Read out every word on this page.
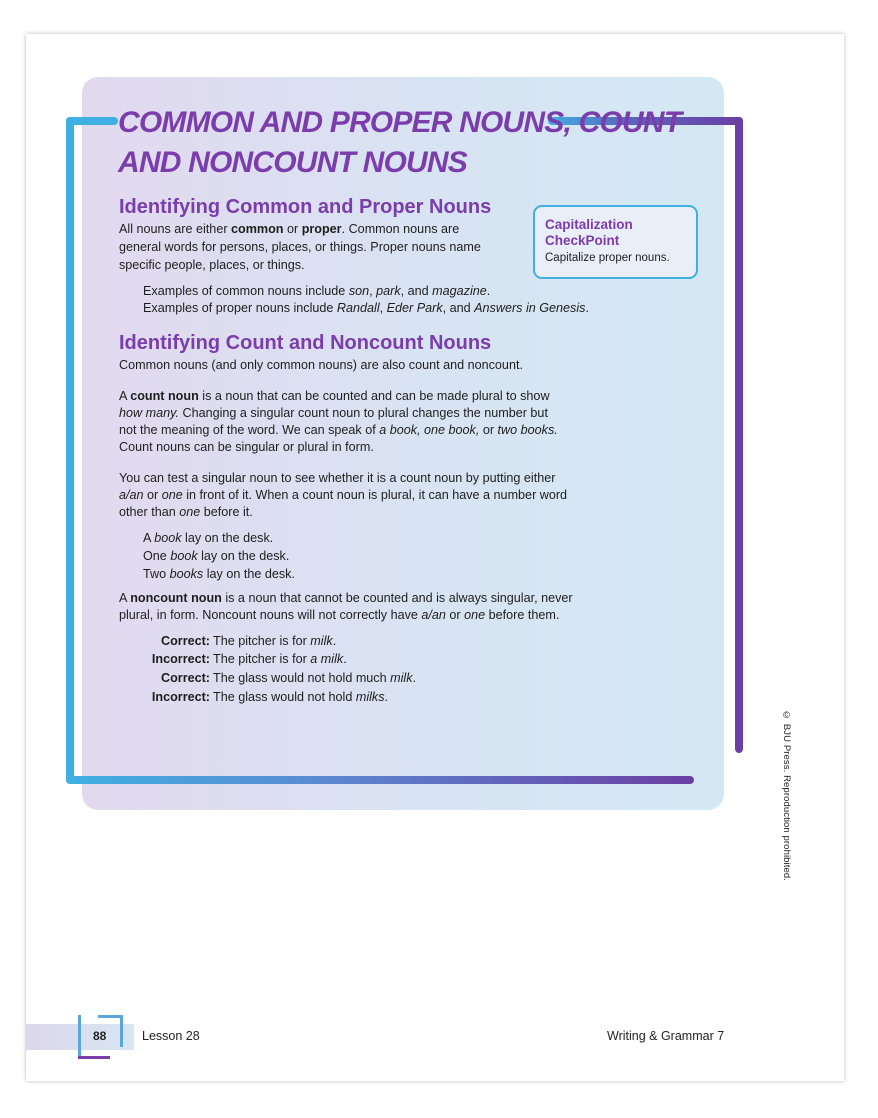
COMMON AND PROPER NOUNS, COUNT
AND NONCOUNT NOUNS
Identifying Common and Proper Nouns

All nouns are either common or proper. Common nouns are

general words for persons, places, or things. Proper nouns name

specific people, places, or things.

Examples of common nouns include son, park, and magazine.

Examples of proper nouns include Randall, Eder Park, and Answers in Genesis.

Capitalization
CheckPoint

Capitalize proper nouns.

Identifying Count and Noncount Nouns

Common nouns (and only common nouns) are also count and noncount.

A count noun is a noun that can be counted and can be made plural to show

how many. Changing a singular count noun to plural changes the number but

not the meaning of the word. We can speak of a book, one book, or two books.

Count nouns can be singular or plural in form.

You can test a singular noun to see whether it is a count noun by putting either

a/an or one in front of it. When a count noun is plural, it can have a number word

other than one before it.

A book lay on the desk.

One book lay on the desk.

Two books lay on the desk.

A noncount noun is a noun that cannot be counted and is always singular, never

plural, in form. Noncount nouns will not correctly have a/an or one before them.

Correct: The pitcher is for milk.
Incorrect: The pitcher is for a milk.
Correct: The glass would not hold much milk.
Incorrect: The glass would not hold milks.
© BJU Press. Reproduction prohibited.
88	Lesson 28	Writing & Grammar 7
